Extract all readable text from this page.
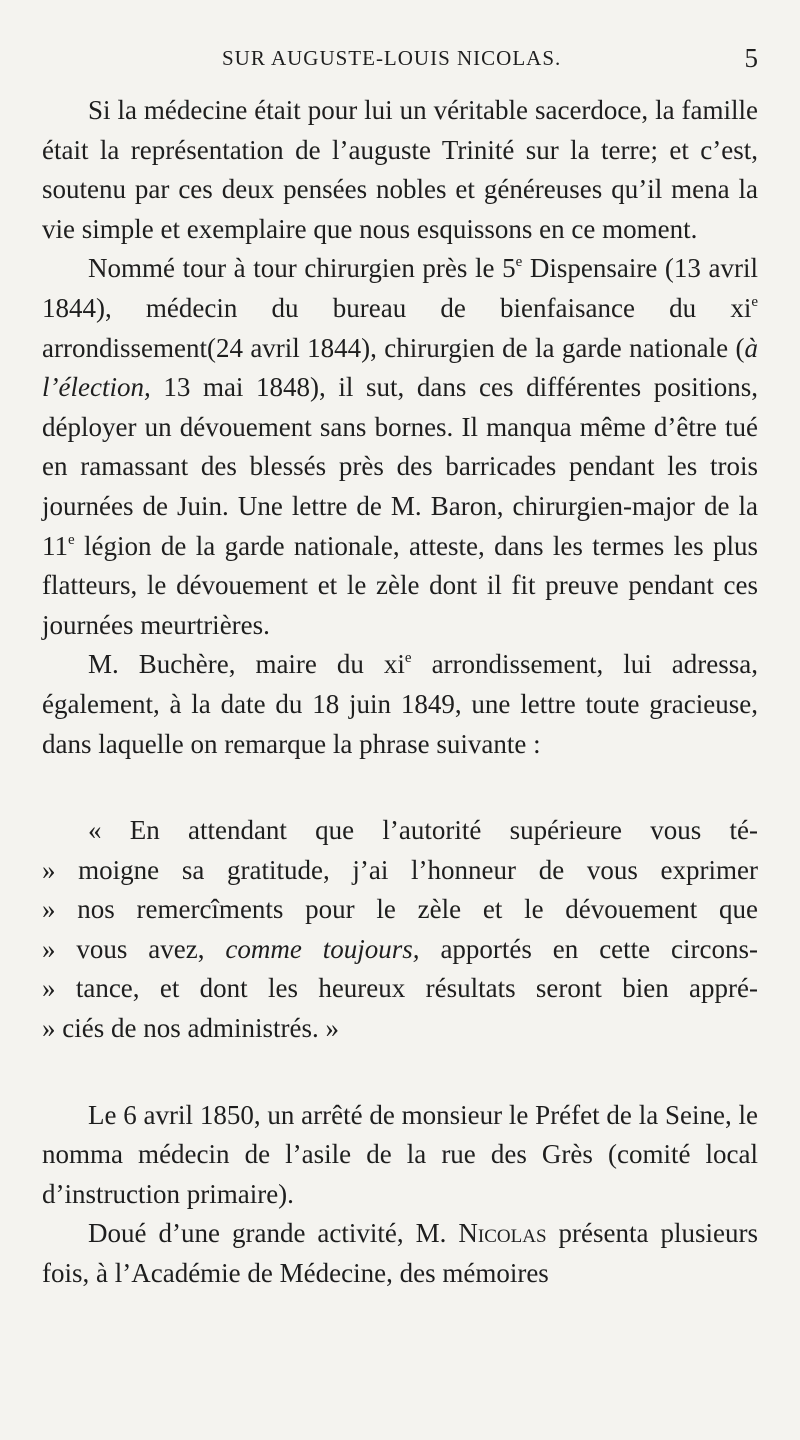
SUR AUGUSTE-LOUIS NICOLAS.	5

Si la médecine était pour lui un véritable sacerdoce, la famille était la représentation de l’auguste Trinité sur la terre; et c’est, soutenu par ces deux pensées nobles et généreuses qu’il mena la vie simple et exemplaire que nous esquissons en ce moment.

Nommé tour à tour chirurgien près le 5e Dispensaire (13 avril 1844), médecin du bureau de bienfaisance du $xi^e$ arrondissement(24 avril 1844), chirurgien de la garde nationale (à l’élection, 13 mai 1848), il sut, dans ces différentes positions, déployer un dévouement sans bornes. Il manqua même d’être tué en ramassant des blessés près des barricades pendant les trois journées de Juin. Une lettre de M. Baron, chirurgien-major de la 11e légion de la garde nationale, atteste, dans les termes les plus flatteurs, le dévouement et le zèle dont il fit preuve pendant ces journées meurtrières.

M. Buchère, maire du $xi^e$ arrondissement, lui adressa, également, à la date du 18 juin 1849, une lettre toute gracieuse, dans laquelle on remarque la phrase suivante :

« En attendant que l’autorité supérieure vous té-
» moigne sa gratitude, j’ai l’honneur de vous exprimer
» nos remercîments pour le zèle et le dévouement que
» vous avez, comme toujours, apportés en cette circons-
» tance, et dont les heureux résultats seront bien appré-
» ciés de nos administrés. »

Le 6 avril 1850, un arrêté de monsieur le Préfet de la Seine, le nomma médecin de l’asile de la rue des Grès (comité local d’instruction primaire).

Doué d’une grande activité, M. Nicolas présenta plusieurs fois, à l’Académie de Médecine, des mémoires
